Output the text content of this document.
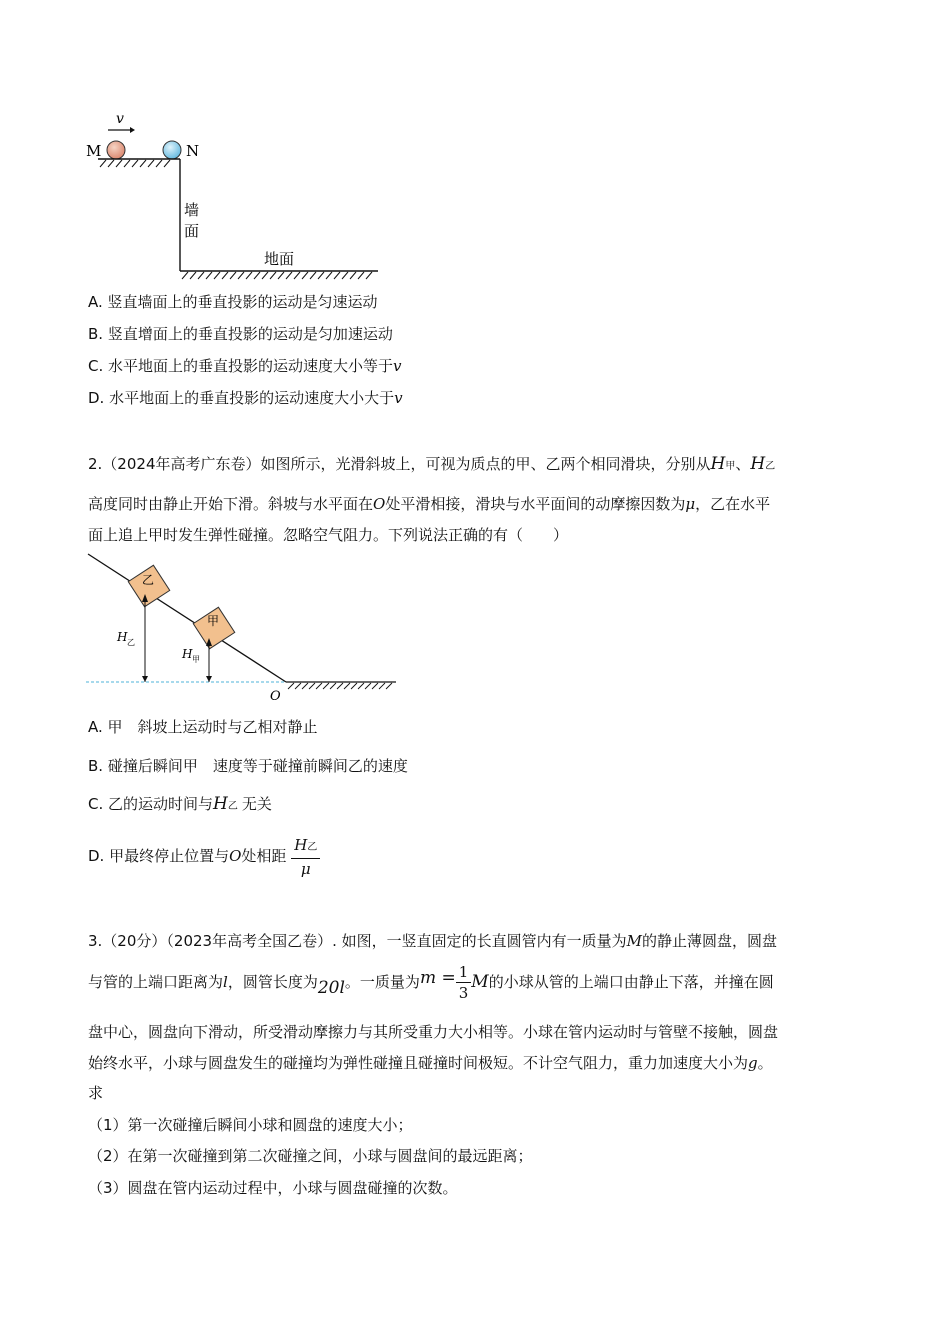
v
M	N
墙
面
地面
A. 竖直墙面上的垂直投影的运动是匀速运动
B. 竖直增面上的垂直投影的运动是匀加速运动
C. 水平地面上的垂直投影的运动速度大小等于v
D. 水平地面上的垂直投影的运动速度大小大于v
2.（2024年高考广东卷）如图所示，光滑斜坡上，可视为质点的甲、乙两个相同滑块，分别从H甲、H乙
高度同时由静止开始下滑。斜坡与水平面在O处平滑相接，滑块与水平面间的动摩擦因数为μ，乙在水平
面上追上甲时发生弹性碰撞。忽略空气阻力。下列说法正确的有（　　）
乙
甲
H 乙
H 甲
O
A. 甲　斜坡上运动时与乙相对静止
B. 碰撞后瞬间甲　速度等于碰撞前瞬间乙的速度
C. 乙的运动时间与H乙 无关
D. 甲最终停止位置与O处相距 $\frac{\text{H乙}}{\mu}$
3.（20分）（2023年高考全国乙卷）. 如图，一竖直固定的长直圆管内有一质量为M的静止薄圆盘，圆盘
与管的上端口距离为l，圆管长度为20l。一质量为$m = \frac{1}{3}$ M的小球从管的上端口由静止下落，并撞在圆
盘中心，圆盘向下滑动，所受滑动摩擦力与其所受重力大小相等。小球在管内运动时与管壁不接触，圆盘
始终水平，小球与圆盘发生的碰撞均为弹性碰撞且碰撞时间极短。不计空气阻力，重力加速度大小为g。
求
（1）第一次碰撞后瞬间小球和圆盘的速度大小；
（2）在第一次碰撞到第二次碰撞之间，小球与圆盘间的最远距离；
（3）圆盘在管内运动过程中，小球与圆盘碰撞的次数。
